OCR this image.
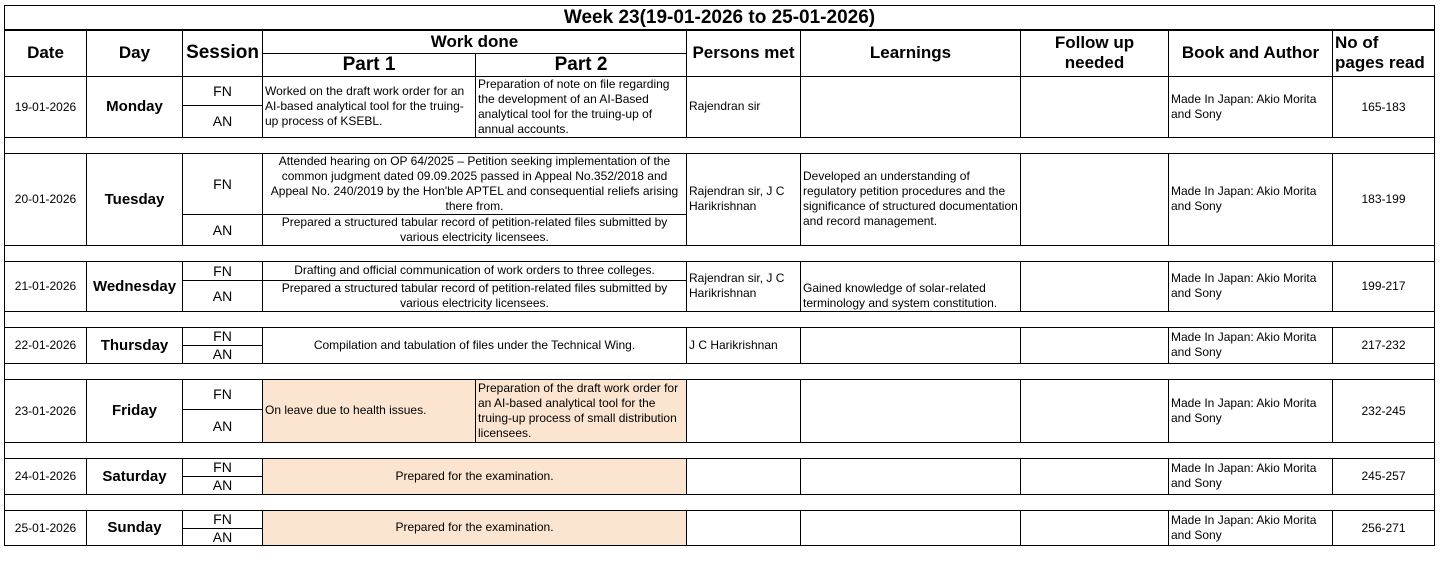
Week 23(19-01-2026 to 25-01-2026)									
Date	Day	Session	Work done		Persons met	Learnings	Follow up needed	Book and Author	No of pages read
			Part 1	Part 2					
19-01-2026	Monday	FN	Worked on the draft work order for an AI-based analytical tool for the truing-up process of KSEBL.	Preparation of note on file regarding the development of an AI-Based analytical tool for the truing-up of annual accounts.	Rajendran sir			Made In Japan: Akio Morita and Sony	165-183
		AN							

20-01-2026	Tuesday	FN	Attended hearing on OP 64/2025 – Petition seeking implementation of the common judgment dated 09.09.2025 passed in Appeal No.352/2018 and Appeal No. 240/2019 by the Hon'ble APTEL and consequential reliefs arising there from.		Rajendran sir, J C Harikrishnan	Developed an understanding of regulatory petition procedures and the significance of structured documentation and record management.		Made In Japan: Akio Morita and Sony	183-199
		AN	Prepared a structured tabular record of petition-related files submitted by various electricity licensees.						

21-01-2026	Wednesday	FN	Drafting and official communication of work orders to three colleges.		Rajendran sir, J C Harikrishnan	Gained knowledge of solar-related terminology and system constitution.		Made In Japan: Akio Morita and Sony	199-217
		AN	Prepared a structured tabular record of petition-related files submitted by various electricity licensees.						

22-01-2026	Thursday	FN	Compilation and tabulation of files under the Technical Wing.		J C Harikrishnan			Made In Japan: Akio Morita and Sony	217-232
		AN							

23-01-2026	Friday	FN	On leave due to health issues.	Preparation of the draft work order for an AI-based analytical tool for the truing-up process of small distribution licensees.				Made In Japan: Akio Morita and Sony	232-245
		AN							

24-01-2026	Saturday	FN	Prepared for the examination.					Made In Japan: Akio Morita and Sony	245-257
		AN							

25-01-2026	Sunday	FN	Prepared for the examination.					Made In Japan: Akio Morita and Sony	256-271
		AN							
